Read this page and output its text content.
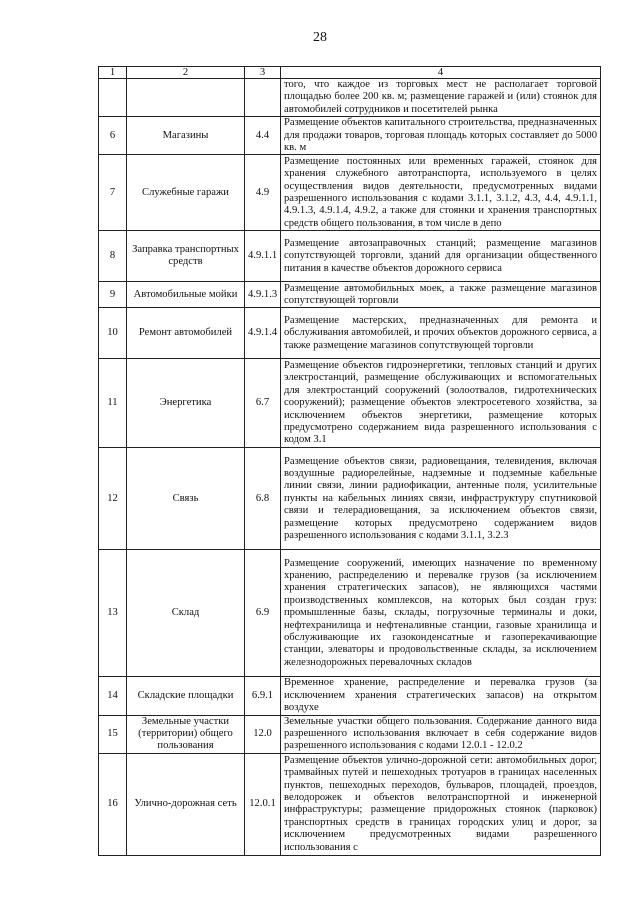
28
1	2	3	4
			того, что каждое из торговых мест не располагает торговой площадью более 200 кв. м; размещение гаражей и (или) стоянок для автомобилей сотрудников и посетителей рынка
6	Магазины	4.4	Размещение объектов капитального строительства, предназначенных для продажи товаров, торговая площадь которых составляет до 5000 кв. м
7	Служебные гаражи	4.9	Размещение постоянных или временных гаражей, стоянок для хранения служебного автотранспорта, используемого в целях осуществления видов деятельности, предусмотренных видами разрешенного использования с кодами 3.1.1, 3.1.2, 4.3, 4.4, 4.9.1.1, 4.9.1.3, 4.9.1.4, 4.9.2, а также для стоянки и хранения транспортных средств общего пользования, в том числе в депо
8	Заправка транспортных средств	4.9.1.1	Размещение автозаправочных станций; размещение магазинов сопутствующей торговли, зданий для организации общественного питания в качестве объектов дорожного сервиса
9	Автомобильные мойки	4.9.1.3	Размещение автомобильных моек, а также размещение магазинов сопутствующей торговли
10	Ремонт автомобилей	4.9.1.4	Размещение мастерских, предназначенных для ремонта и обслуживания автомобилей, и прочих объектов дорожного сервиса, а также размещение магазинов сопутствующей торговли
11	Энергетика	6.7	Размещение объектов гидроэнергетики, тепловых станций и других электростанций, размещение обслуживающих и вспомогательных для электростанций сооружений (золоотвалов, гидротехнических сооружений); размещение объектов электросетевого хозяйства, за исключением объектов энергетики, размещение которых предусмотрено содержанием вида разрешенного использования с кодом 3.1
12	Связь	6.8	Размещение объектов связи, радиовещания, телевидения, включая воздушные радиорелейные, надземные и подземные кабельные линии связи, линии радиофикации, антенные поля, усилительные пункты на кабельных линиях связи, инфраструктуру спутниковой связи и телерадиовещания, за исключением объектов связи, размещение которых предусмотрено содержанием видов разрешенного использования с кодами 3.1.1, 3.2.3
13	Склад	6.9	Размещение сооружений, имеющих назначение по временному хранению, распределению и перевалке грузов (за исключением хранения стратегических запасов), не являющихся частями производственных комплексов, на которых был создан груз: промышленные базы, склады, погрузочные терминалы и доки, нефтехранилища и нефтеналивные станции, газовые хранилища и обслуживающие их газоконденсатные и газоперекачивающие станции, элеваторы и продовольственные склады, за исключением железнодорожных перевалочных складов
14	Складские площадки	6.9.1	Временное хранение, распределение и перевалка грузов (за исключением хранения стратегических запасов) на открытом воздухе
15	Земельные участки (территории) общего пользования	12.0	Земельные участки общего пользования. Содержание данного вида разрешенного использования включает в себя содержание видов разрешенного использования с кодами 12.0.1 - 12.0.2
16	Улично-дорожная сеть	12.0.1	Размещение объектов улично-дорожной сети: автомобильных дорог, трамвайных путей и пешеходных тротуаров в границах населенных пунктов, пешеходных переходов, бульваров, площадей, проездов, велодорожек и объектов велотранспортной и инженерной инфраструктуры; размещение придорожных стоянок (парковок) транспортных средств в границах городских улиц и дорог, за исключением предусмотренных видами разрешенного использования с
